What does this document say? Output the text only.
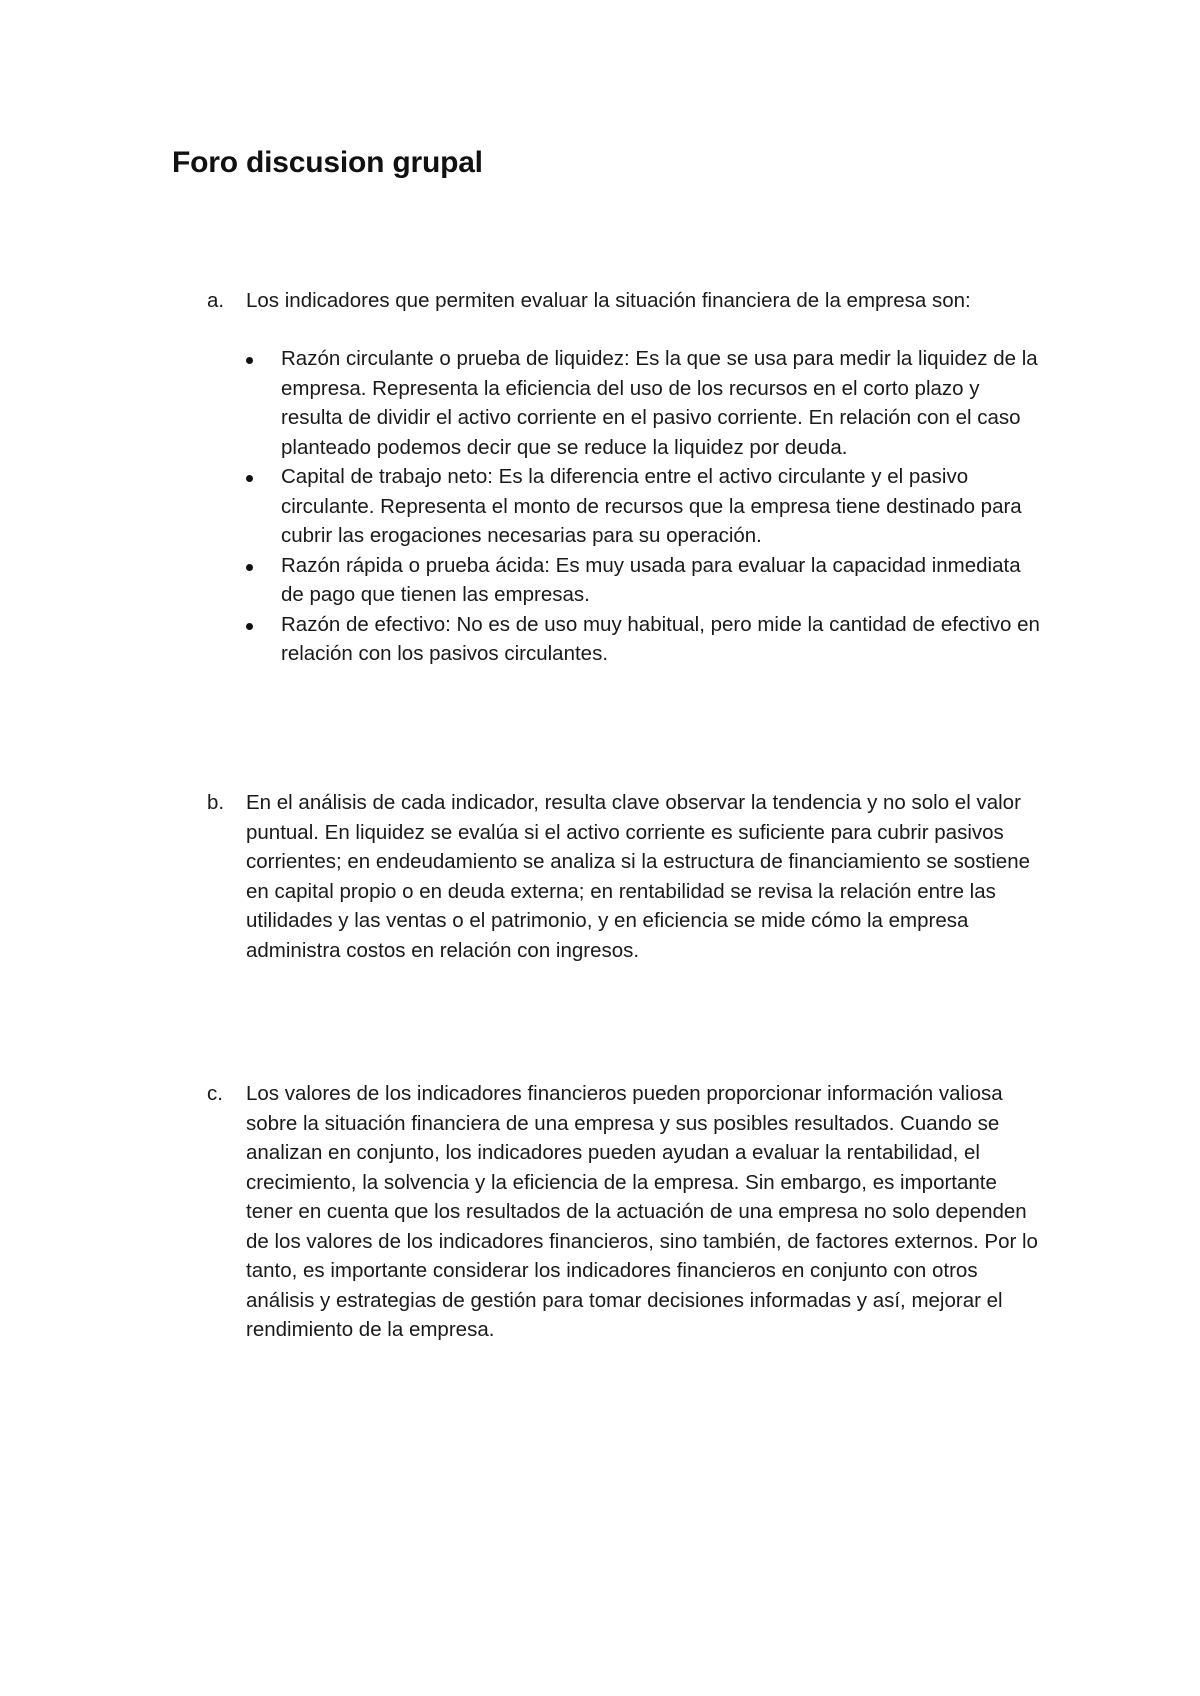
Foro discusion grupal
a. Los indicadores que permiten evaluar la situación financiera de la empresa son:

Razón circulante o prueba de liquidez: Es la que se usa para medir la liquidez de la empresa. Representa la eficiencia del uso de los recursos en el corto plazo y resulta de dividir el activo corriente en el pasivo corriente. En relación con el caso planteado podemos decir que se reduce la liquidez por deuda.
Capital de trabajo neto: Es la diferencia entre el activo circulante y el pasivo circulante. Representa el monto de recursos que la empresa tiene destinado para cubrir las erogaciones necesarias para su operación.
Razón rápida o prueba ácida: Es muy usada para evaluar la capacidad inmediata de pago que tienen las empresas.
Razón de efectivo: No es de uso muy habitual, pero mide la cantidad de efectivo en relación con los pasivos circulantes.
b. En el análisis de cada indicador, resulta clave observar la tendencia y no solo el valor puntual. En liquidez se evalúa si el activo corriente es suficiente para cubrir pasivos corrientes; en endeudamiento se analiza si la estructura de financiamiento se sostiene en capital propio o en deuda externa; en rentabilidad se revisa la relación entre las utilidades y las ventas o el patrimonio, y en eficiencia se mide cómo la empresa administra costos en relación con ingresos.

c. Los valores de los indicadores financieros pueden proporcionar información valiosa sobre la situación financiera de una empresa y sus posibles resultados. Cuando se analizan en conjunto, los indicadores pueden ayudan a evaluar la rentabilidad, el crecimiento, la solvencia y la eficiencia de la empresa. Sin embargo, es importante tener en cuenta que los resultados de la actuación de una empresa no solo dependen de los valores de los indicadores financieros, sino también, de factores externos. Por lo tanto, es importante considerar los indicadores financieros en conjunto con otros análisis y estrategias de gestión para tomar decisiones informadas y así, mejorar el rendimiento de la empresa.
